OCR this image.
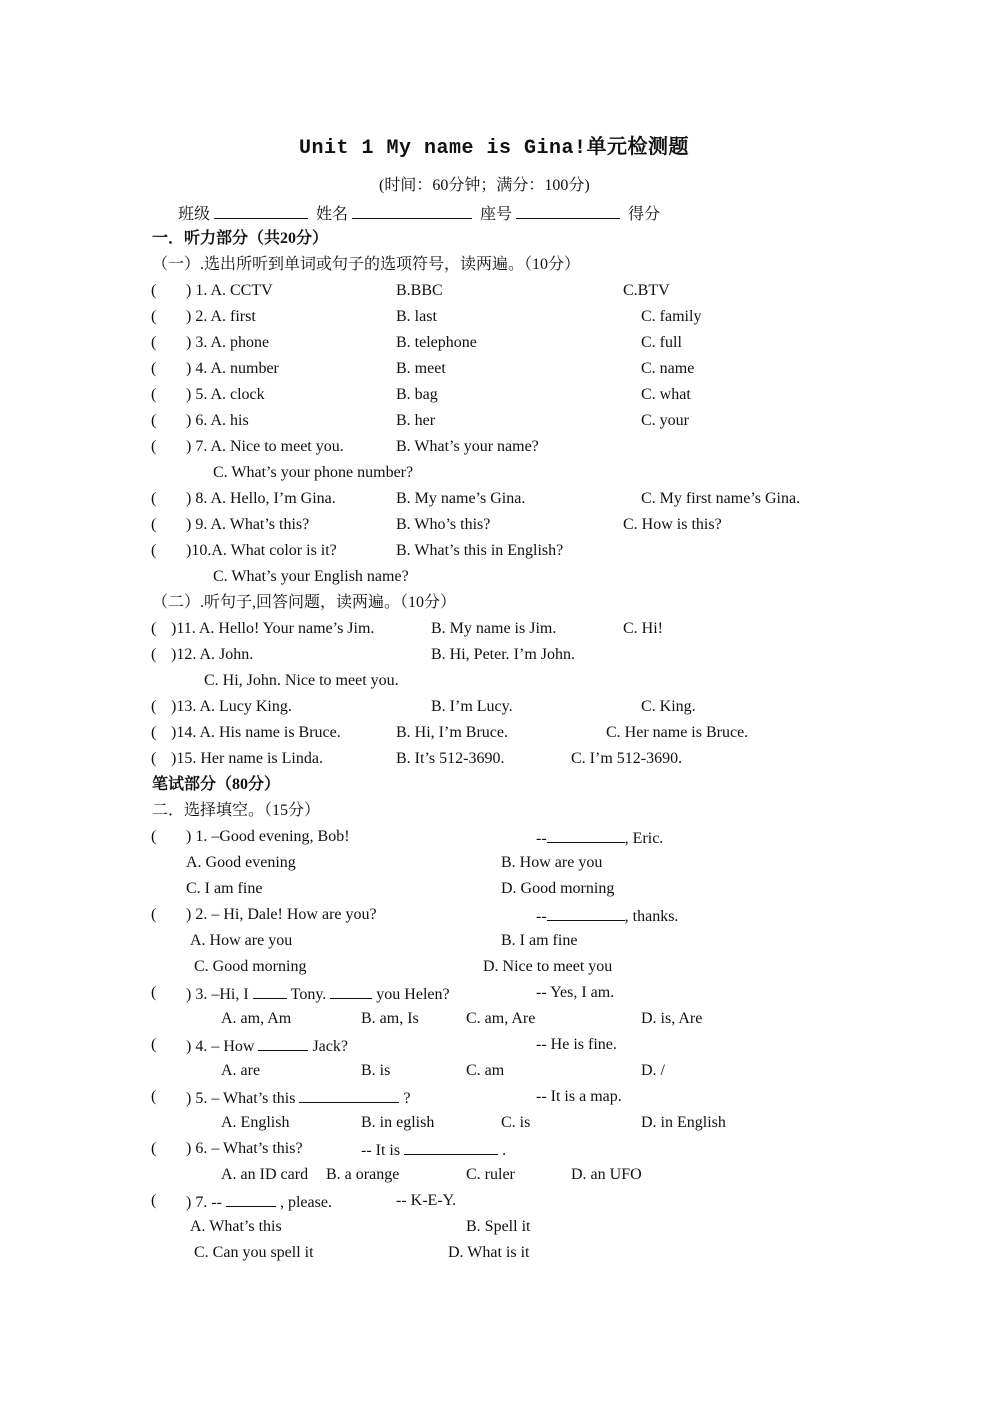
Unit 1 My name is Gina!单元检测题
(时间：60分钟；满分：100分)
班级	姓名	座号	得分
一．听力部分（共20分）
（一）.选出所听到单词或句子的选项符号，读两遍。（10分）
( ) 1. A. CCTV	B.BBC	C.BTV
( ) 2. A. first	B. last	C. family
( ) 3. A. phone	B. telephone	C. full
( ) 4. A. number	B. meet	C. name
( ) 5. A. clock	B. bag	C. what
( ) 6. A. his	B. her	C. your
( ) 7. A. Nice to meet you.	B. What’s your name?
C. What’s your phone number?
( ) 8. A. Hello, I’m Gina.	B. My name’s Gina.	C. My first name’s Gina.
( ) 9. A. What’s this?	B. Who’s this?	C. How is this?
( )10.A. What color is it?	B. What’s this in English?
C. What’s your English name?
（二）.听句子,回答问题，读两遍。（10分）
( )11. A. Hello! Your name’s Jim.	B. My name is Jim.	C. Hi!
( )12. A. John.	B. Hi, Peter. I’m John.
C. Hi, John. Nice to meet you.
( )13. A. Lucy King.	B. I’m Lucy.	C. King.
( )14. A. His name is Bruce.	B. Hi, I’m Bruce.	C. Her name is Bruce.
( )15. Her name is Linda.	B. It’s 512-3690.	C. I’m 512-3690.
笔试部分（80分）
二．选择填空。（15分）
( ) 1. –Good evening, Bob!	--	, Eric.
A. Good evening	B. How are you
C. I am fine	D. Good morning
( ) 2. – Hi, Dale! How are you?	--	, thanks.
A. How are you	B. I am fine
C. Good morning	D. Nice to meet you
( ) 3. –Hi, I	Tony.	you Helen?	-- Yes, I am.
A. am, Am	B. am, Is	C. am, Are	D. is, Are
( ) 4. – How	Jack?	-- He is fine.
A. are	B. is	C. am	D. /
( ) 5. – What’s this	?	-- It is a map.
A. English	B. in eglish	C. is	D. in English
( ) 6. – What’s this?	-- It is	.
A. an ID card B. a orange	C. ruler	D. an UFO
( ) 7. --	, please.	-- K-E-Y.
A. What’s this	B. Spell it
C. Can you spell it	D. What is it
